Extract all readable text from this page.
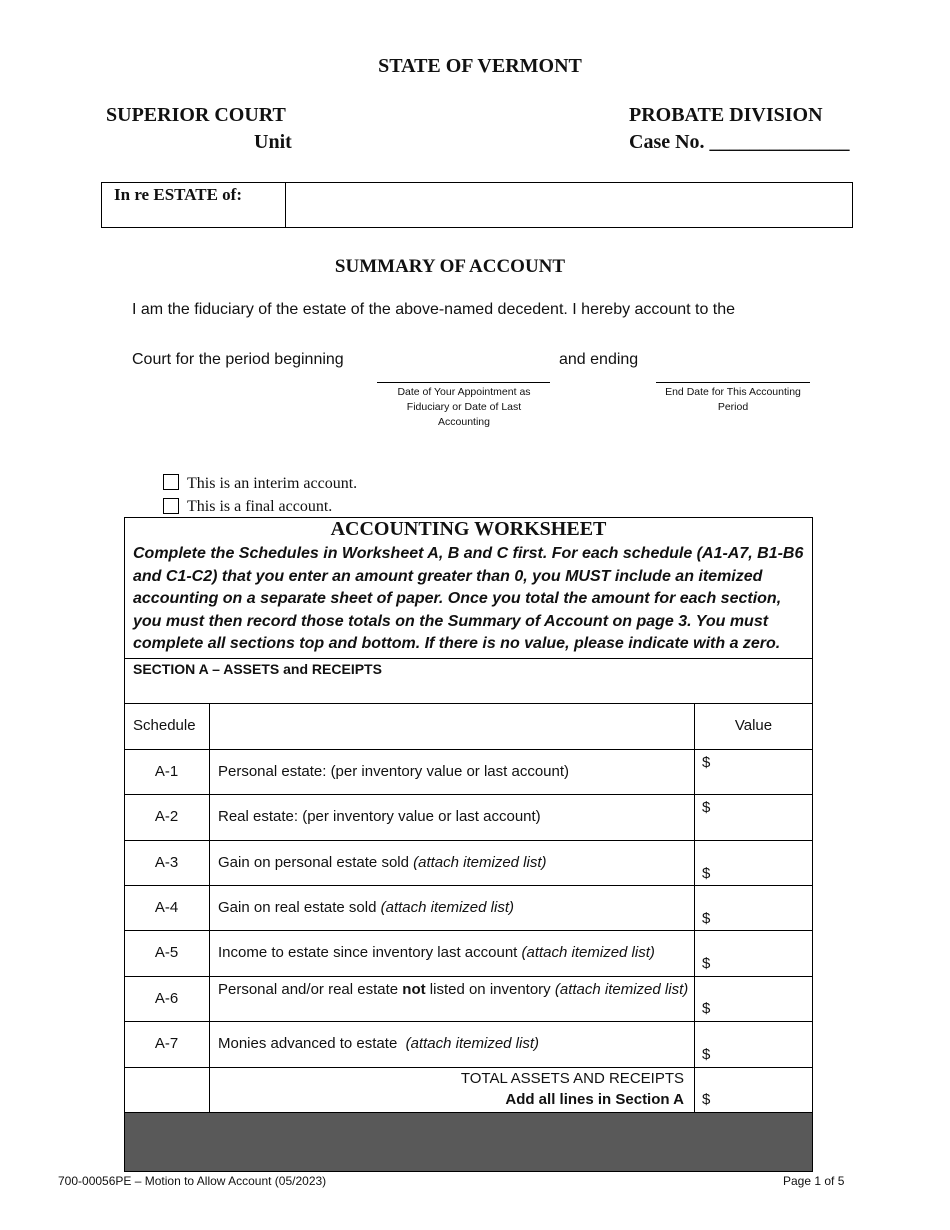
STATE OF VERMONT
SUPERIOR COURT
Unit
PROBATE DIVISION
Case No. ______________
In re ESTATE of:
SUMMARY OF ACCOUNT
I am the fiduciary of the estate of the above-named decedent. I hereby account to the
Court for the period beginning	and ending
Date of Your Appointment as Fiduciary or Date of Last Accounting
End Date for This Accounting Period
This is an interim account.
This is a final account.
ACCOUNTING WORKSHEET
Complete the Schedules in Worksheet A, B and C first. For each schedule (A1-A7, B1-B6 and C1-C2) that you enter an amount greater than 0, you MUST include an itemized accounting on a separate sheet of paper. Once you total the amount for each section, you must then record those totals on the Summary of Account on page 3. You must complete all sections top and bottom. If there is no value, please indicate with a zero.
SECTION A – ASSETS and RECEIPTS
Schedule	Value
A-1	Personal estate: (per inventory value or last account)
$
A-2	Real estate: (per inventory value or last account)
$
A-3	Gain on personal estate sold (attach itemized list)
$
A-4	Gain on real estate sold (attach itemized list)
$
A-5	Income to estate since inventory last account (attach itemized list)
$
A-6
Personal and/or real estate not listed on inventory (attach itemized list)
$
A-7	Monies advanced to estate  (attach itemized list)
$
TOTAL ASSETS AND RECEIPTS
Add all lines in Section A $
700-00056PE – Motion to Allow Account (05/2023)	Page 1 of 5
